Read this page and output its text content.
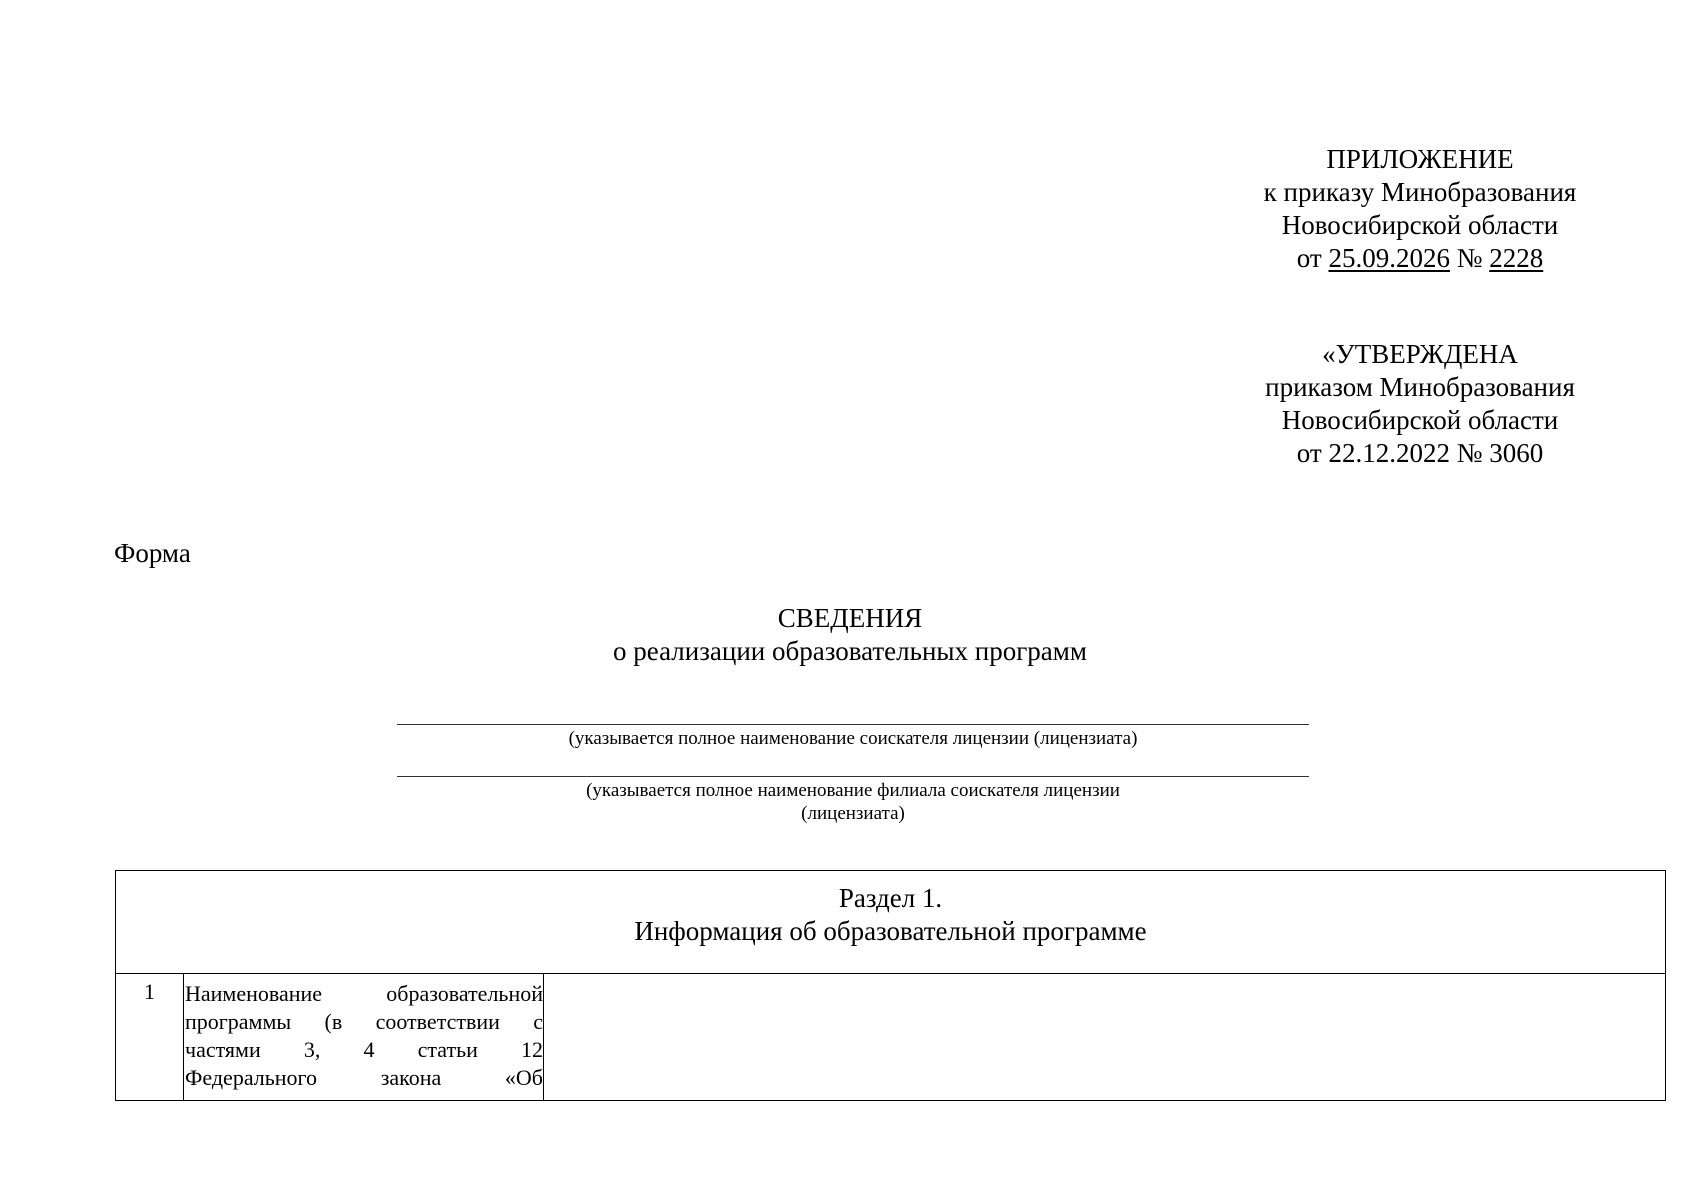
ПРИЛОЖЕНИЕ
к приказу Минобразования
Новосибирской области
от 25.09.2026 № 2228
«УТВЕРЖДЕНА
приказом Минобразования
Новосибирской области
от 22.12.2022 № 3060
Форма
СВЕДЕНИЯ
о реализации образовательных программ
(указывается полное наименование соискателя лицензии (лицензиата)
(указывается полное наименование филиала соискателя лицензии
(лицензиата)
Раздел 1.
Информация об образовательной программе
1	Наименование образовательной
программы (в соответствии с
частями 3, 4 статьи 12
Федерального закона «Об
